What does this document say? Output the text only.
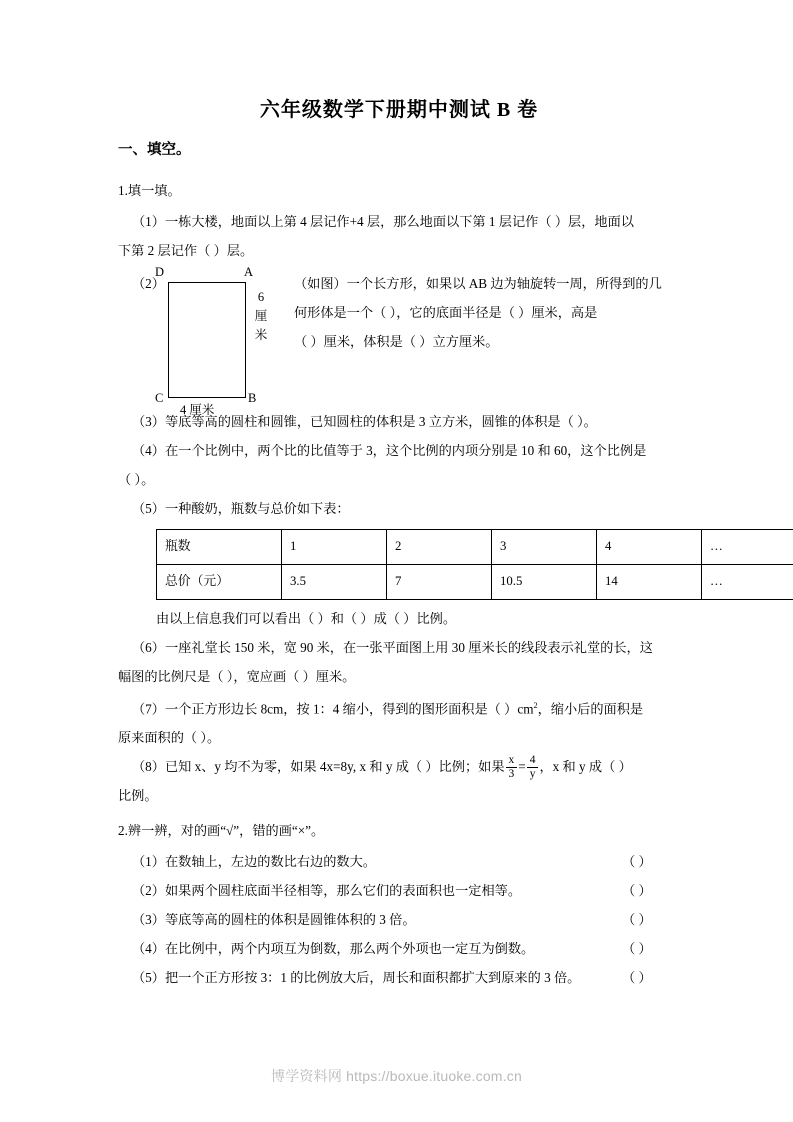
六年级数学下册期中测试 B 卷
一、填空。
1.填一填。

（1）一栋大楼，地面以上第 4 层记作+4 层，那么地面以下第 1 层记作（ ）层，地面以

下第 2 层记作（ ）层。

（2）
D	A
C	B
6 厘 米
4 厘米
（如图）一个长方形，如果以 AB 边为轴旋转一周，所得到的几
何形体是一个（ ），它的底面半径是（ ）厘米，高是
（ ）厘米，体积是（ ）立方厘米。

（3）等底等高的圆柱和圆锥，已知圆柱的体积是 3 立方米，圆锥的体积是（ ）。

（4）在一个比例中，两个比的比值等于 3，这个比例的内项分别是 10 和 60，这个比例是

（ ）。

（5）一种酸奶，瓶数与总价如下表：

瓶数	1	2	3	4	…
总价（元）	3.5	7	10.5	14	…

由以上信息我们可以看出（ ）和（ ）成（ ）比例。

（6）一座礼堂长 150 米，宽 90 米，在一张平面图上用 30 厘米长的线段表示礼堂的长，这

幅图的比例尺是（ ），宽应画（ ）厘米。

（7）一个正方形边长 8cm，按 1：4 缩小，得到的图形面积是（ ）$cm^2$，缩小后的面积是

原来面积的（ ）。

（8）已知 x、y 均不为零，如果 4x=8y, x 和 y 成（ ）比例；如果 $\frac{x}{3} = \frac{4}{y}$ ，x 和 y 成（ ）

比例。

2.辨一辨，对的画“√”，错的画“×”。
（1）在数轴上，左边的数比右边的数大。	（ ）
（2）如果两个圆柱底面半径相等，那么它们的表面积也一定相等。	（ ）
（3）等底等高的圆柱的体积是圆锥体积的 3 倍。	（ ）
（4）在比例中，两个内项互为倒数，那么两个外项也一定互为倒数。	（ ）
（5）把一个正方形按 3：1 的比例放大后，周长和面积都扩大到原来的 3 倍。	（ ）
博学资料网 https://boxue.ituoke.com.cn
